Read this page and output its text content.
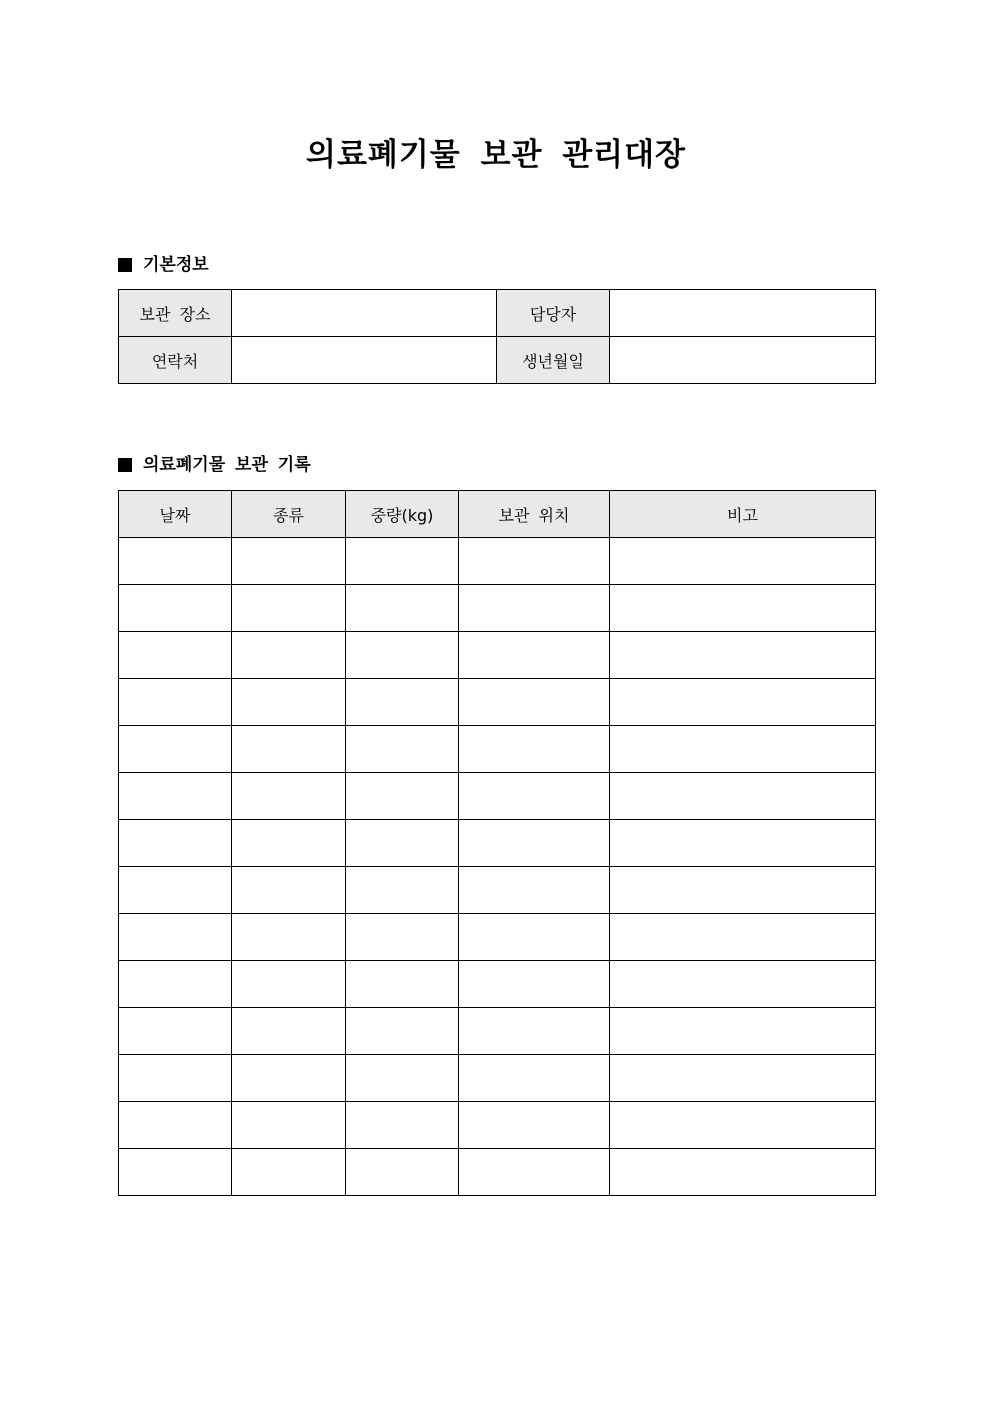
의료폐기물 보관 관리대장
기본정보
보관 장소		담당자	
연락처		생년월일	
의료폐기물 보관 기록
날짜	종류	중량(kg)	보관 위치	비고
